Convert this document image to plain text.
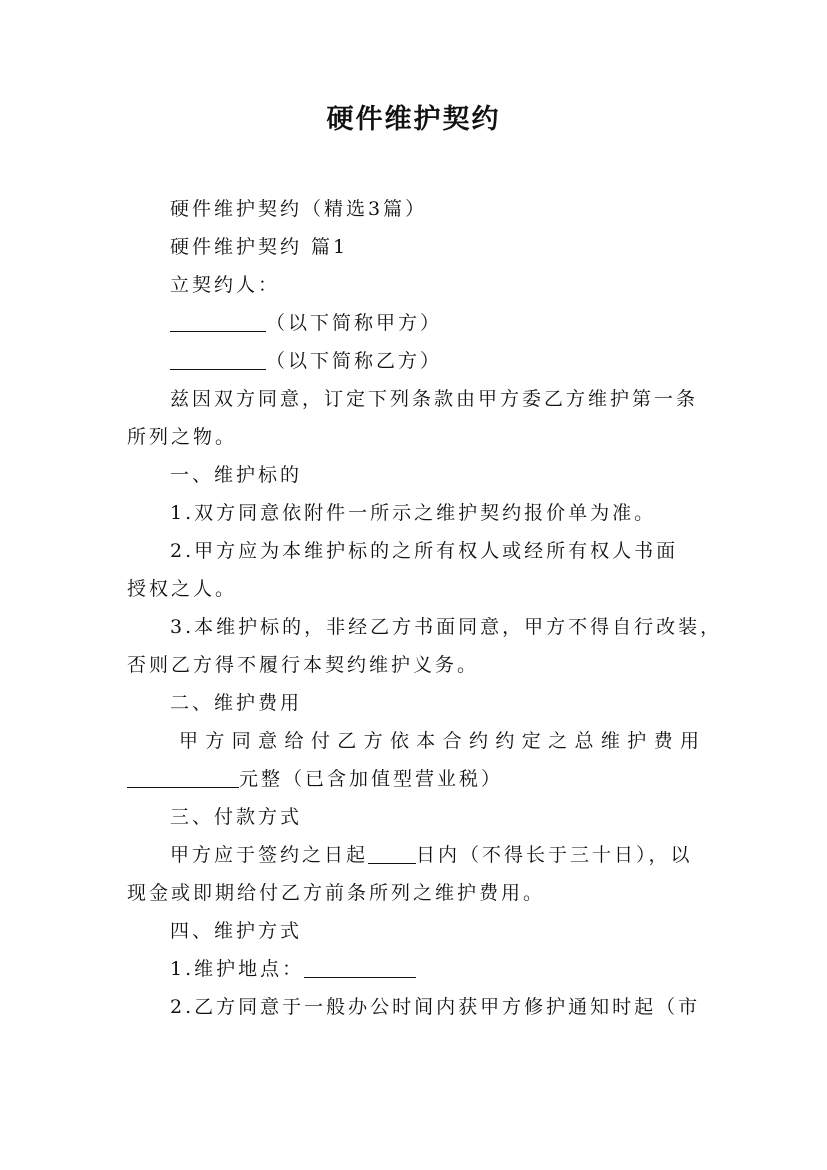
硬件维护契约

硬件维护契约（精选3篇）

硬件维护契约 篇1

立契约人：

（以下简称甲方）

（以下简称乙方）

兹因双方同意，订定下列条款由甲方委乙方维护第一条

所列之物。

一、维护标的

1.双方同意依附件一所示之维护契约报价单为准。

2.甲方应为本维护标的之所有权人或经所有权人书面

授权之人。

3.本维护标的，非经乙方书面同意，甲方不得自行改装，

否则乙方得不履行本契约维护义务。

二、维护费用

甲方同意给付乙方依本合约约定之总维护费用

元整（已含加值型营业税）

三、付款方式

甲方应于签约之日起	日内（不得长于三十日），以

现金或即期给付乙方前条所列之维护费用。

四、维护方式

1.维护地点：

2.乙方同意于一般办公时间内获甲方修护通知时起（市
